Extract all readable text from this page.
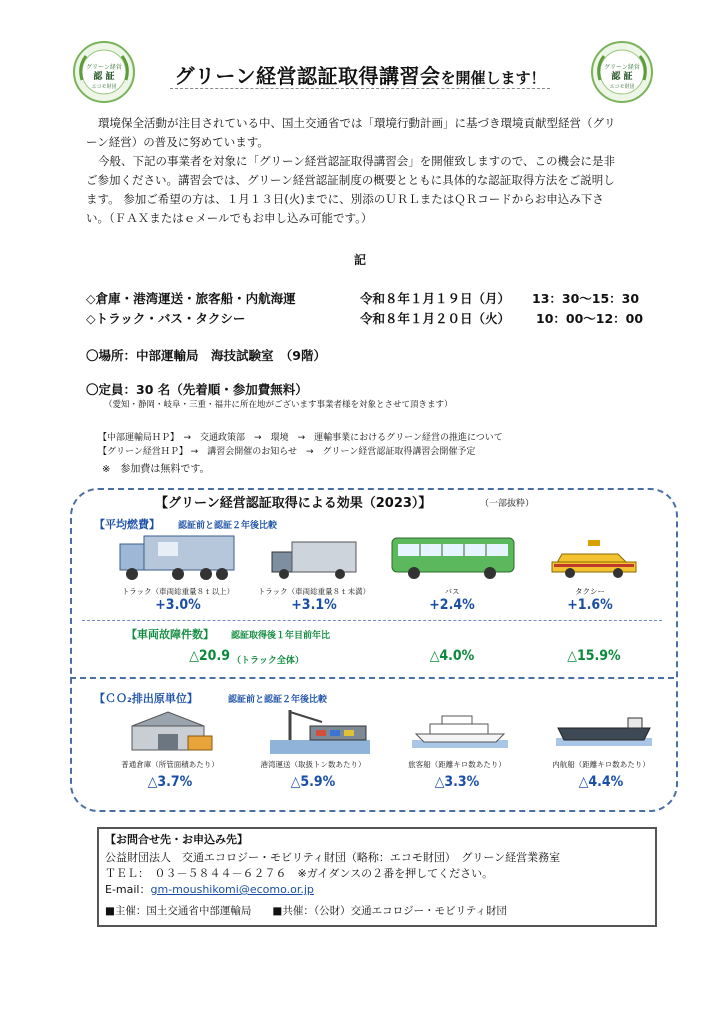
グリーン経営
認 証
エコモ財団
グリーン経営
認 証
エコモ財団
グリーン経営認証取得講習会を開催します！
環境保全活動が注目されている中、国土交通省では「環境行動計画」に基づき環境貢献型経営（グリ
ーン経営）の普及に努めています。
今般、下記の事業者を対象に「グリーン経営認証取得講習会」を開催致しますので、この機会に是非
ご参加ください。講習会では、グリーン経営認証制度の概要とともに具体的な認証取得方法をご説明し
ます。 参加ご希望の方は、１月１３日(火)までに、別添のＵＲＬまたはＱＲコードからお申込み下さ
い。（ＦＡＸまたはｅメールでもお申し込み可能です。）
記
◇倉庫・港湾運送・旅客船・内航海運	令和８年１月１９日（月） 13：30～15：30
◇トラック・バス・タクシー	令和８年１月２０日（火） 10：00～12：00
〇場所：中部運輸局　海技試験室　（9階）
〇定員：30 名（先着順・参加費無料）
（愛知・静岡・岐阜・三重・福井に所在地がございます事業者様を対象とさせて頂きます）
【中部運輸局ＨＰ】　→　交通政策部　→　環境　→　運輸事業におけるグリーン経営の推進について
【グリーン経営ＨＰ】 →　講習会開催のお知らせ　→　グリーン経営認証取得講習会開催予定
※　参加費は無料です。
【グリーン経営認証取得による効果（2023）】	（一部抜粋）
【平均燃費】 認証前と認証２年後比較
トラック（車両総重量８ｔ以上）	トラック（車両総重量８ｔ未満）	バス	タクシー
+3.0%	+3.1%	+2.4%	+1.6%
【車両故障件数】 認証取得後１年目前年比
△20.9 （トラック全体）	△4.0%	△15.9%
【ＣＯ₂排出原単位】	認証前と認証２年後比較
普通倉庫（所管面積あたり）	港湾運送（取扱トン数あたり）	旅客船（距離キロ数あたり）	内航船（距離キロ数あたり）
△3.7%	△5.9%	△3.3%	△4.4%
【お問合せ先・お申込み先】
公益財団法人　交通エコロジー・モビリティ財団（略称：エコモ財団）　グリーン経営業務室
ＴＥＬ：　０３－５８４４－６２７６　※ガイダンスの２番を押してください。
E-mail：gm-moushikomi@ecomo.or.jp
■主催：国土交通省中部運輸局　　■共催：（公財）交通エコロジー・モビリティ財団
